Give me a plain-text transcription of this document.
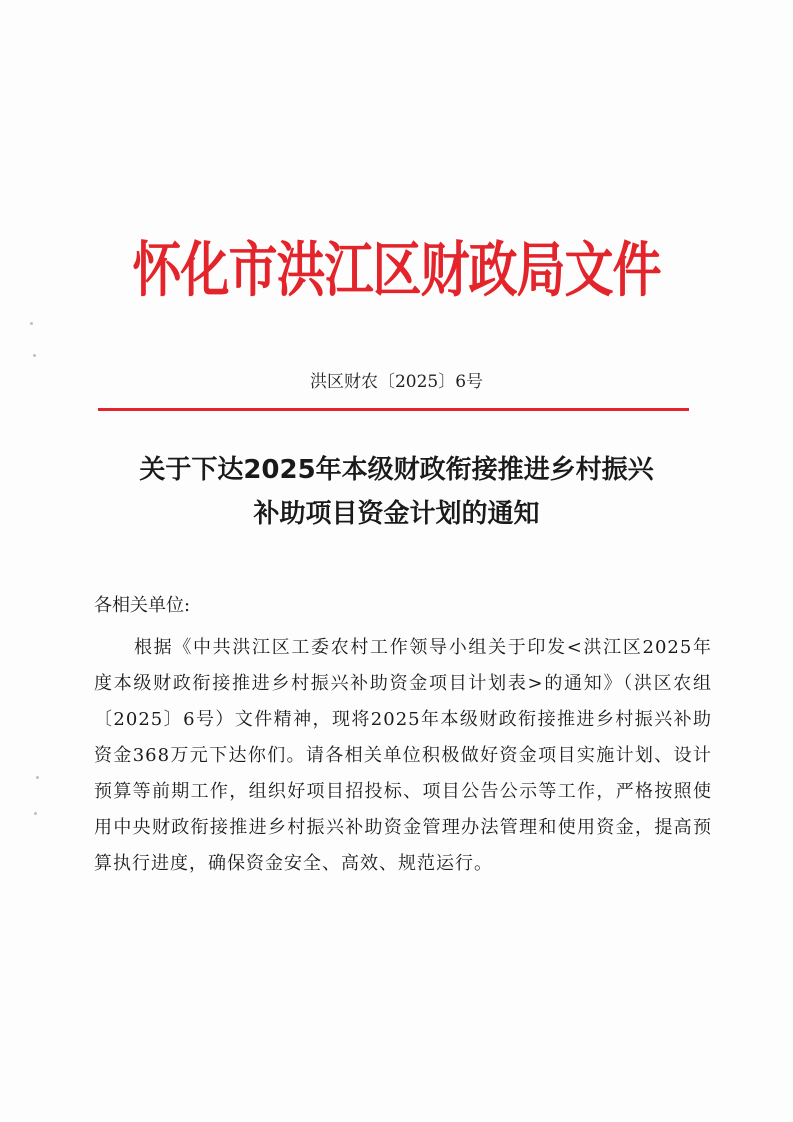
怀化市洪江区财政局文件
洪区财农〔2025〕6号
关于下达2025年本级财政衔接推进乡村振兴
补助项目资金计划的通知
各相关单位:

根据《中共洪江区工委农村工作领导小组关于印发<洪江区2025年度本级财政衔接推进乡村振兴补助资金项目计划表>的通知》（洪区农组〔2025〕6号）文件精神，现将2025年本级财政衔接推进乡村振兴补助资金368万元下达你们。请各相关单位积极做好资金项目实施计划、设计预算等前期工作，组织好项目招投标、项目公告公示等工作，严格按照使用中央财政衔接推进乡村振兴补助资金管理办法管理和使用资金，提高预算执行进度，确保资金安全、高效、规范运行。
